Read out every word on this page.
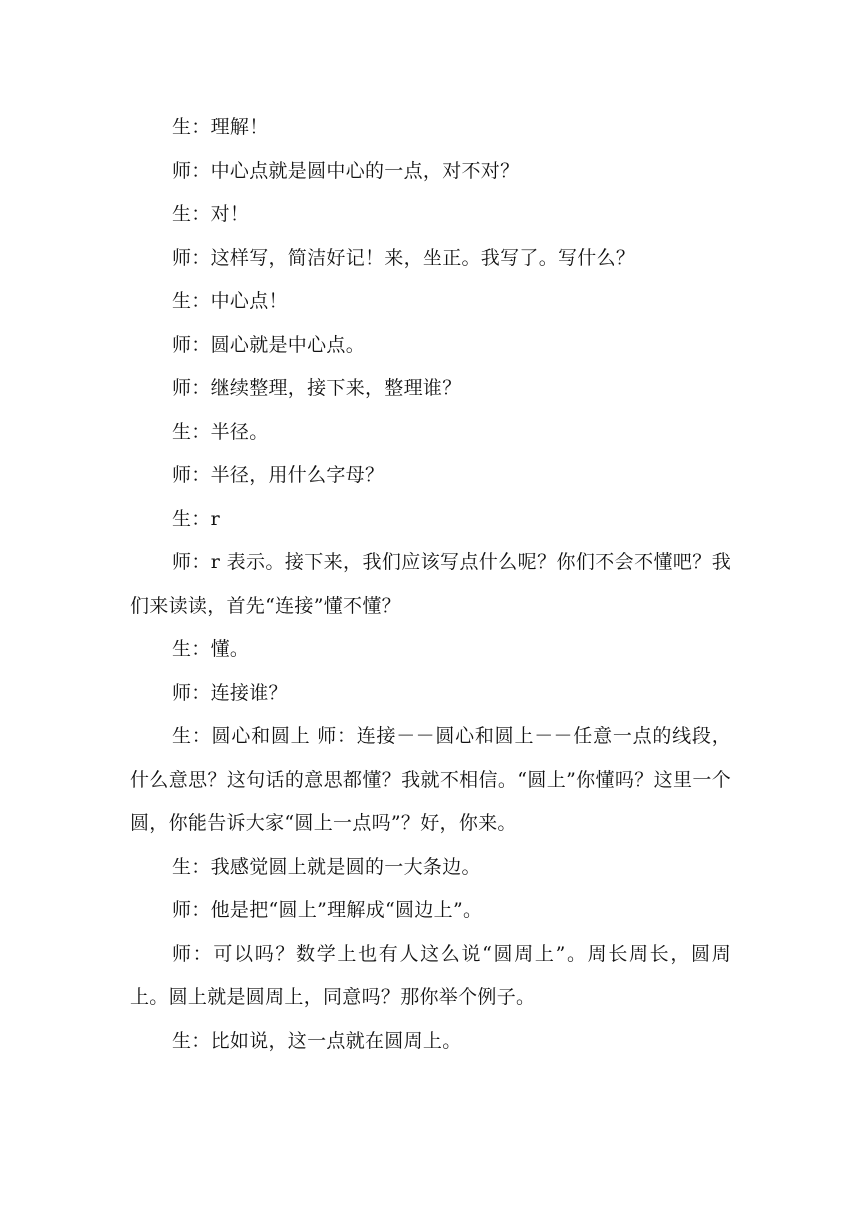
生：理解！

师：中心点就是圆中心的一点，对不对？

生：对！

师：这样写，简洁好记！来，坐正。我写了。写什么？

生：中心点！

师：圆心就是中心点。

师：继续整理，接下来，整理谁？

生：半径。

师：半径，用什么字母？

生：r

师：r 表示。接下来，我们应该写点什么呢？你们不会不懂吧？我们来读读，首先“连接”懂不懂？

生：懂。

师：连接谁？

生：圆心和圆上 师：连接－－圆心和圆上－－任意一点的线段，什么意思？这句话的意思都懂？我就不相信。“圆上”你懂吗？这里一个圆，你能告诉大家“圆上一点吗”？好，你来。

生：我感觉圆上就是圆的一大条边。

师：他是把“圆上”理解成“圆边上”。

师：可以吗？数学上也有人这么说“圆周上”。周长周长，圆周上。圆上就是圆周上，同意吗？那你举个例子。

生：比如说，这一点就在圆周上。
